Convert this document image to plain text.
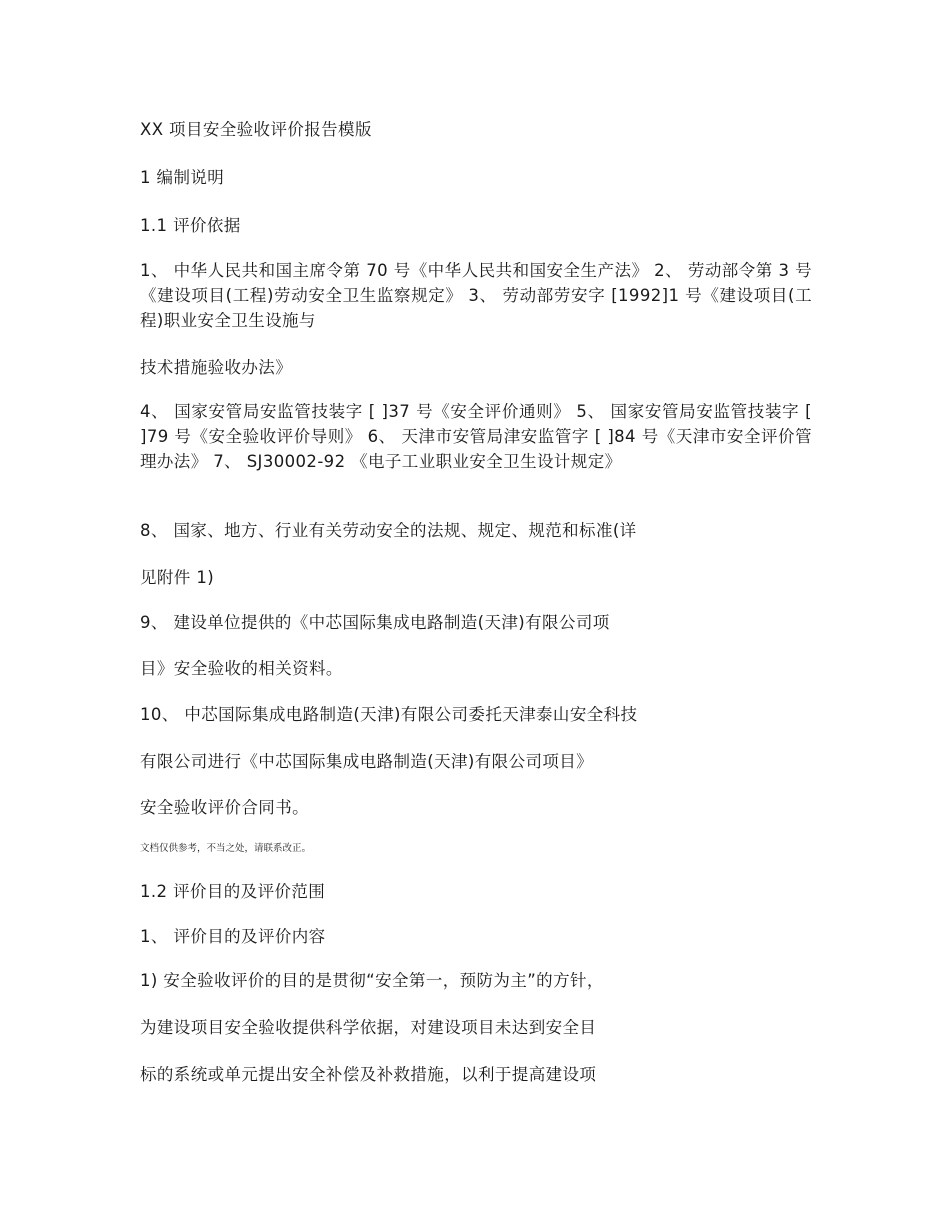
XX 项目安全验收评价报告模版

1 编制说明

1.1 评价依据

1、 中华人民共和国主席令第 70 号《中华人民共和国安全生产法》 2、 劳动部令第 3 号《建设项目(工程)劳动安全卫生监察规定》 3、 劳动部劳安字 [1992]1 号《建设项目(工程)职业安全卫生设施与

技术措施验收办法》

4、 国家安管局安监管技装字 [ ]37 号《安全评价通则》 5、 国家安管局安监管技装字 [ ]79 号《安全验收评价导则》 6、 天津市安管局津安监管字 [ ]84 号《天津市安全评价管理办法》 7、 SJ30002-92 《电子工业职业安全卫生设计规定》

8、 国家、地方、行业有关劳动安全的法规、规定、规范和标准(详

见附件 1)

9、 建设单位提供的《中芯国际集成电路制造(天津)有限公司项

目》安全验收的相关资料。

10、 中芯国际集成电路制造(天津)有限公司委托天津泰山安全科技

有限公司进行《中芯国际集成电路制造(天津)有限公司项目》

安全验收评价合同书。

文档仅供参考，不当之处，请联系改正。

1.2 评价目的及评价范围

1、 评价目的及评价内容

1) 安全验收评价的目的是贯彻“安全第一，预防为主”的方针，

为建设项目安全验收提供科学依据，对建设项目未达到安全目

标的系统或单元提出安全补偿及补救措施，以利于提高建设项
